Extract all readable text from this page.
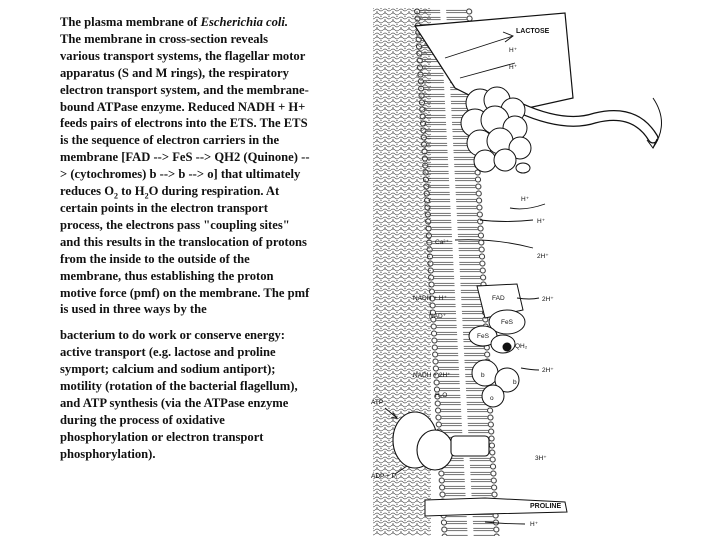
The plasma membrane of Escherichia coli. The membrane in cross-section reveals various transport systems, the flagellar motor apparatus (S and M rings), the respiratory electron transport system, and the membrane-bound ATPase enzyme. Reduced NADH + H+ feeds pairs of electrons into the ETS. The ETS is the sequence of electron carriers in the membrane [FAD --> FeS --> QH2 (Quinone) --> (cytochromes) b --> b --> o] that ultimately reduces $O_2$ to $H_2O$ during respiration. At certain points in the electron transport process, the electrons pass "coupling sites" and this results in the translocation of protons from the inside to the outside of the membrane, thus establishing the proton motive force (pmf) on the membrane. The pmf is used in three ways by the

bacterium to do work or conserve energy: active transport (e.g. lactose and proline symport; calcium and sodium antiport); motility (rotation of the bacterial flagellum), and ATP synthesis (via the ATPase enzyme during the process of oxidative phosphorylation or electron transport phosphorylation).

LACTOSE
H⁺
H⁺
H⁺
H⁺
Ca²⁺
2H⁺
NADH + H⁺	FAD	2H⁺
NAD⁺
FeS
FeS
QH₂
b
b
o
NADH + 2H⁺
H₂O
2H⁺
ATP
ADP + Pᵢ
3H⁺
PROLINE
H⁺
